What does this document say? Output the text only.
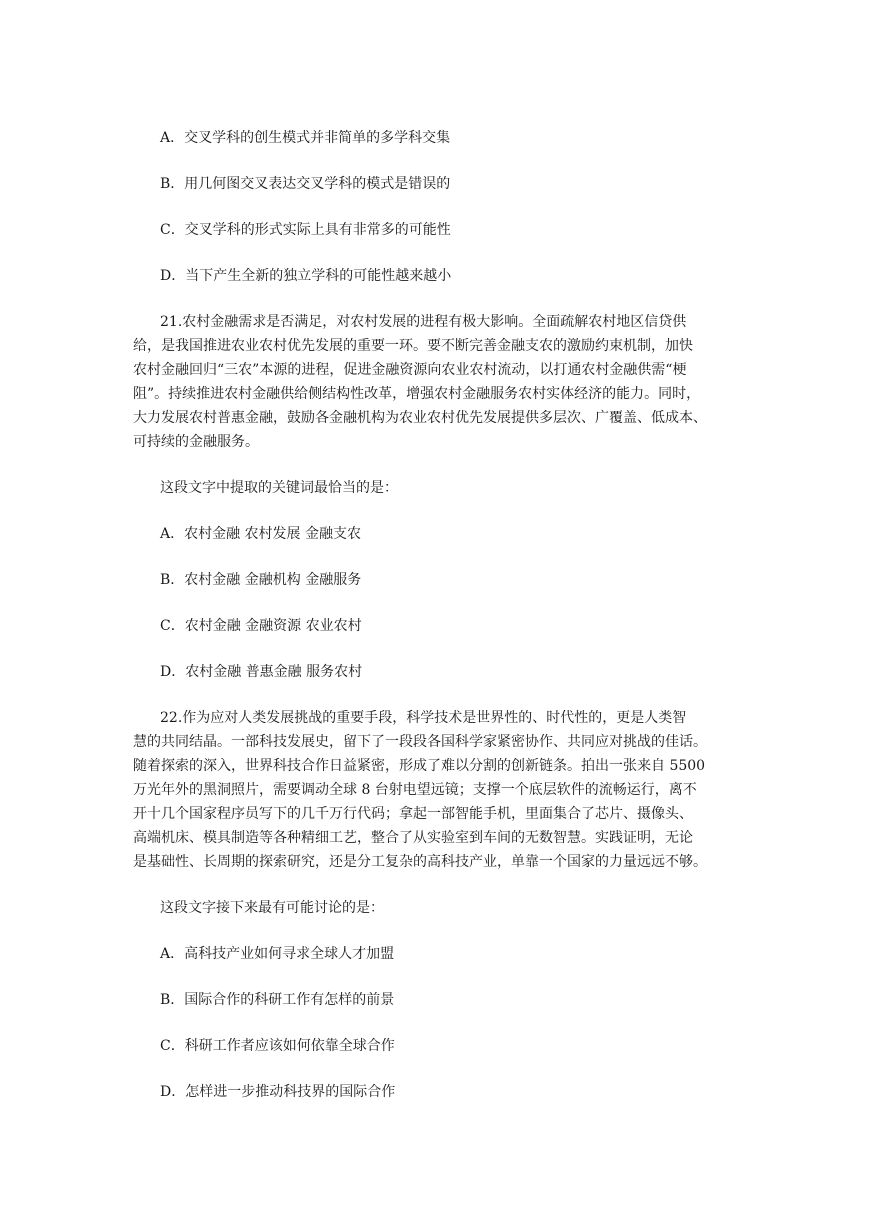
A．交叉学科的创生模式并非简单的多学科交集

B．用几何图交叉表达交叉学科的模式是错误的

C．交叉学科的形式实际上具有非常多的可能性

D．当下产生全新的独立学科的可能性越来越小

21.农村金融需求是否满足，对农村发展的进程有极大影响。全面疏解农村地区信贷供
给，是我国推进农业农村优先发展的重要一环。要不断完善金融支农的激励约束机制，加快
农村金融回归“三农”本源的进程，促进金融资源向农业农村流动，以打通农村金融供需“梗
阻”。持续推进农村金融供给侧结构性改革，增强农村金融服务农村实体经济的能力。同时，
大力发展农村普惠金融，鼓励各金融机构为农业农村优先发展提供多层次、广覆盖、低成本、
可持续的金融服务。

这段文字中提取的关键词最恰当的是：

A．农村金融 农村发展 金融支农

B．农村金融 金融机构 金融服务

C．农村金融 金融资源 农业农村

D．农村金融 普惠金融 服务农村

22.作为应对人类发展挑战的重要手段，科学技术是世界性的、时代性的，更是人类智
慧的共同结晶。一部科技发展史，留下了一段段各国科学家紧密协作、共同应对挑战的佳话。
随着探索的深入，世界科技合作日益紧密，形成了难以分割的创新链条。拍出一张来自 5500
万光年外的黑洞照片，需要调动全球 8 台射电望远镜；支撑一个底层软件的流畅运行，离不
开十几个国家程序员写下的几千万行代码；拿起一部智能手机，里面集合了芯片、摄像头、
高端机床、模具制造等各种精细工艺，整合了从实验室到车间的无数智慧。实践证明，无论
是基础性、长周期的探索研究，还是分工复杂的高科技产业，单靠一个国家的力量远远不够。

这段文字接下来最有可能讨论的是：

A．高科技产业如何寻求全球人才加盟

B．国际合作的科研工作有怎样的前景

C．科研工作者应该如何依靠全球合作

D．怎样进一步推动科技界的国际合作
